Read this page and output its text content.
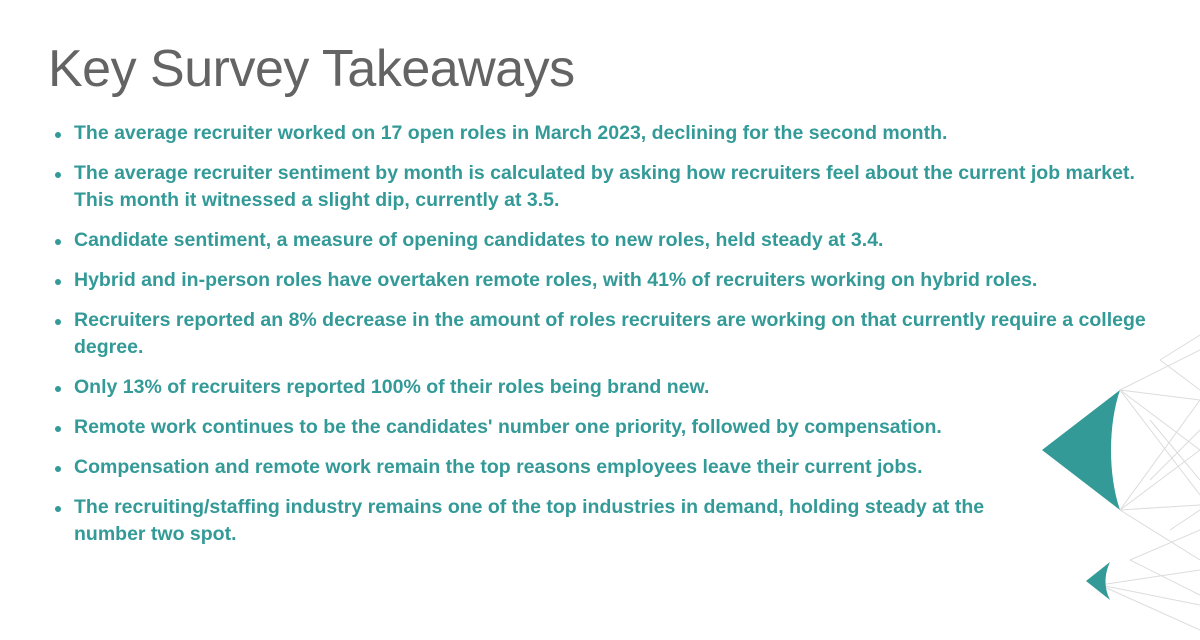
Key Survey Takeaways
The average recruiter worked on 17 open roles in March 2023, declining for the second month.
The average recruiter sentiment by month is calculated by asking how recruiters feel about the current job market. This month it witnessed a slight dip, currently at 3.5.
Candidate sentiment, a measure of opening candidates to new roles, held steady at 3.4.
Hybrid and in-person roles have overtaken remote roles, with 41% of recruiters working on hybrid roles.
Recruiters reported an 8% decrease in the amount of roles recruiters are working on that currently require a college degree.
Only 13% of recruiters reported 100% of their roles being brand new.
Remote work continues to be the candidates' number one priority, followed by compensation.
Compensation and remote work remain the top reasons employees leave their current jobs.
The recruiting/staffing industry remains one of the top industries in demand, holding steady at the number two spot.
